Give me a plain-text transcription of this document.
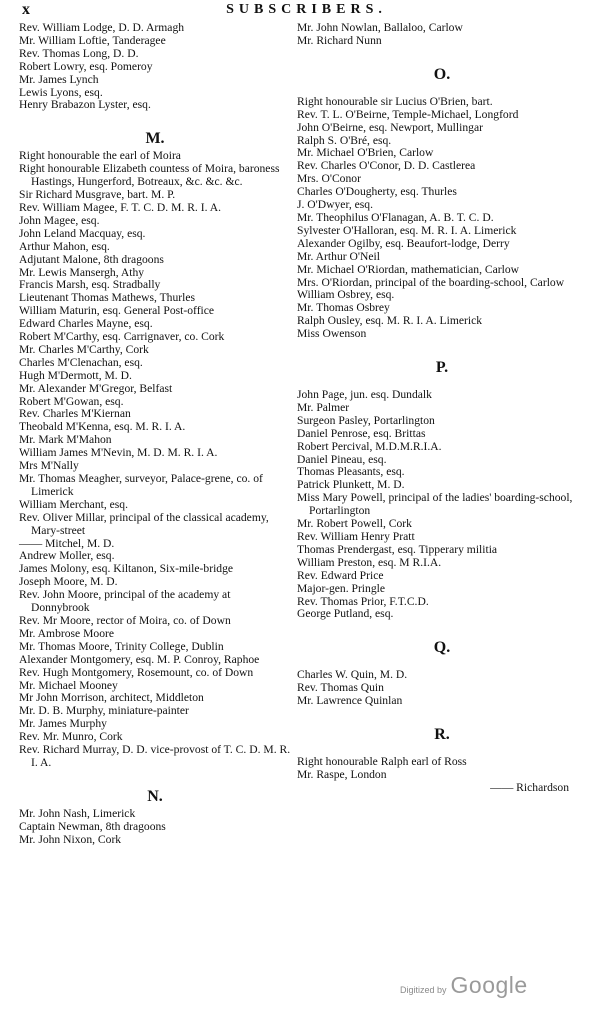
x	SUBSCRIBERS.

Rev. William Lodge, D. D. Armagh

Mr. William Loftie, Tanderagee

Rev. Thomas Long, D. D.

Robert Lowry, esq. Pomeroy

Mr. James Lynch

Lewis Lyons, esq.

Henry Brabazon Lyster, esq.

M.

Right honourable the earl of Moira

Right honourable Elizabeth countess of Moira, baroness Hastings, Hungerford, Botreaux, &c. &c. &c.

Sir Richard Musgrave, bart. M. P.

Rev. William Magee, F. T. C. D. M. R. I. A.

John Magee, esq.

John Leland Macquay, esq.

Arthur Mahon, esq.

Adjutant Malone, 8th dragoons

Mr. Lewis Mansergh, Athy

Francis Marsh, esq. Stradbally

Lieutenant Thomas Mathews, Thurles

William Maturin, esq. General Post-office

Edward Charles Mayne, esq.

Robert M'Carthy, esq. Carrignaver, co. Cork

Mr. Charles M'Carthy, Cork

Charles M'Clenachan, esq.

Hugh M'Dermott, M. D.

Mr. Alexander M'Gregor, Belfast

Robert M'Gowan, esq.

Rev. Charles M'Kiernan

Theobald M'Kenna, esq. M. R. I. A.

Mr. Mark M'Mahon

William James M'Nevin, M. D. M. R. I. A.

Mrs M'Nally

Mr. Thomas Meagher, surveyor, Palace-grene, co. of Limerick

William Merchant, esq.

Rev. Oliver Millar, principal of the classical academy, Mary-street

—— Mitchel, M. D.

Andrew Moller, esq.

James Molony, esq. Kiltanon, Six-mile-bridge

Joseph Moore, M. D.

Rev. John Moore, principal of the academy at Donnybrook

Rev. Mr Moore, rector of Moira, co. of Down

Mr. Ambrose Moore

Mr. Thomas Moore, Trinity College, Dublin

Alexander Montgomery, esq. M. P. Conroy, Raphoe

Rev. Hugh Montgomery, Rosemount, co. of Down

Mr. Michael Mooney

Mr John Morrison, architect, Middleton

Mr. D. B. Murphy, miniature-painter

Mr. James Murphy

Rev. Mr. Munro, Cork

Rev. Richard Murray, D. D. vice-provost of T. C. D. M. R. I. A.

N.

Mr. John Nash, Limerick

Captain Newman, 8th dragoons

Mr. John Nixon, Cork

Mr. John Nowlan, Ballaloo, Carlow

Mr. Richard Nunn

O.

Right honourable sir Lucius O'Brien, bart.

Rev. T. L. O'Beirne, Temple-Michael, Longford

John O'Beirne, esq. Newport, Mullingar

Ralph S. O'Bré, esq.

Mr. Michael O'Brien, Carlow

Rev. Charles O'Conor, D. D. Castlerea

Mrs. O'Conor

Charles O'Dougherty, esq. Thurles

J. O'Dwyer, esq.

Mr. Theophilus O'Flanagan, A. B. T. C. D.

Sylvester O'Halloran, esq. M. R. I. A. Limerick

Alexander Ogilby, esq. Beaufort-lodge, Derry

Mr. Arthur O'Neil

Mr. Michael O'Riordan, mathematician, Carlow

Mrs. O'Riordan, principal of the boarding-school, Carlow

William Osbrey, esq.

Mr. Thomas Osbrey

Ralph Ousley, esq. M. R. I. A. Limerick

Miss Owenson

P.

John Page, jun. esq. Dundalk

Mr. Palmer

Surgeon Pasley, Portarlington

Daniel Penrose, esq. Brittas

Robert Percival, M.D.M.R.I.A.

Daniel Pineau, esq.

Thomas Pleasants, esq.

Patrick Plunkett, M. D.

Miss Mary Powell, principal of the ladies' boarding-school, Portarlington

Mr. Robert Powell, Cork

Rev. William Henry Pratt

Thomas Prendergast, esq. Tipperary militia

William Preston, esq. M R.I.A.

Rev. Edward Price

Major-gen. Pringle

Rev. Thomas Prior, F.T.C.D.

George Putland, esq.

Q.

Charles W. Quin, M. D.

Rev. Thomas Quin

Mr. Lawrence Quinlan

R.

Right honourable Ralph earl of Ross

Mr. Raspe, London

—— Richardson

Digitized by Google
